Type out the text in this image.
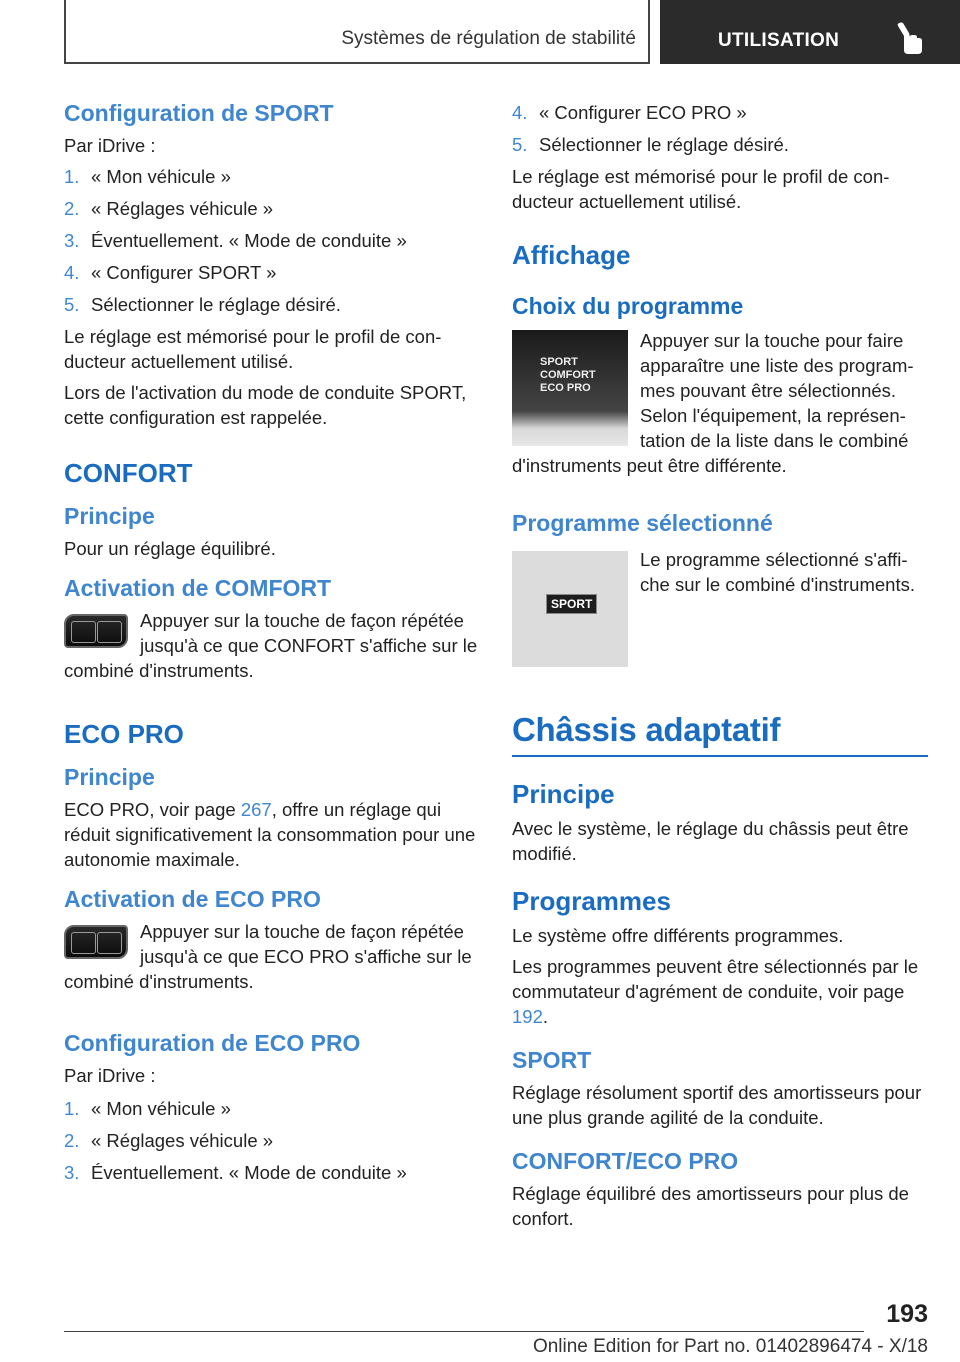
Systèmes de régulation de stabilité	UTILISATION
Configuration de SPORT

Par iDrive :

1. « Mon véhicule »
2. « Réglages véhicule »
3. Éventuellement. « Mode de conduite »
4. « Configurer SPORT »
5. Sélectionner le réglage désiré.

Le réglage est mémorisé pour le profil de conducteur actuellement utilisé.

Lors de l'activation du mode de conduite SPORT, cette configuration est rappelée.

CONFORT
Principe

Pour un réglage équilibré.

Activation de COMFORT

Appuyer sur la touche de façon répétée jusqu'à ce que CONFORT s'affiche sur le combiné d'instruments.

ECO PRO
Principe

ECO PRO, voir page 267, offre un réglage qui réduit significativement la consommation pour une autonomie maximale.

Activation de ECO PRO

Appuyer sur la touche de façon répétée jusqu'à ce que ECO PRO s'affiche sur le combiné d'instruments.

Configuration de ECO PRO

Par iDrive :

1. « Mon véhicule »
2. « Réglages véhicule »
3. Éventuellement. « Mode de conduite »
4. « Configurer ECO PRO »
5. Sélectionner le réglage désiré.

Le réglage est mémorisé pour le profil de conducteur actuellement utilisé.

Affichage
Choix du programme
SPORT
COMFORT
ECO PRO

Appuyer sur la touche pour faire apparaître une liste des programmes pouvant être sélectionnés. Selon l'équipement, la représentation de la liste dans le combiné d'instruments peut être différente.

Programme sélectionné
SPORT

Le programme sélectionné s'affiche sur le combiné d'instruments.

Châssis adaptatif
Principe

Avec le système, le réglage du châssis peut être modifié.

Programmes

Le système offre différents programmes.

Les programmes peuvent être sélectionnés par le commutateur d'agrément de conduite, voir page 192.

SPORT

Réglage résolument sportif des amortisseurs pour une plus grande agilité de la conduite.

CONFORT/ECO PRO

Réglage équilibré des amortisseurs pour plus de confort.

193
Online Edition for Part no. 01402896474 - X/18
